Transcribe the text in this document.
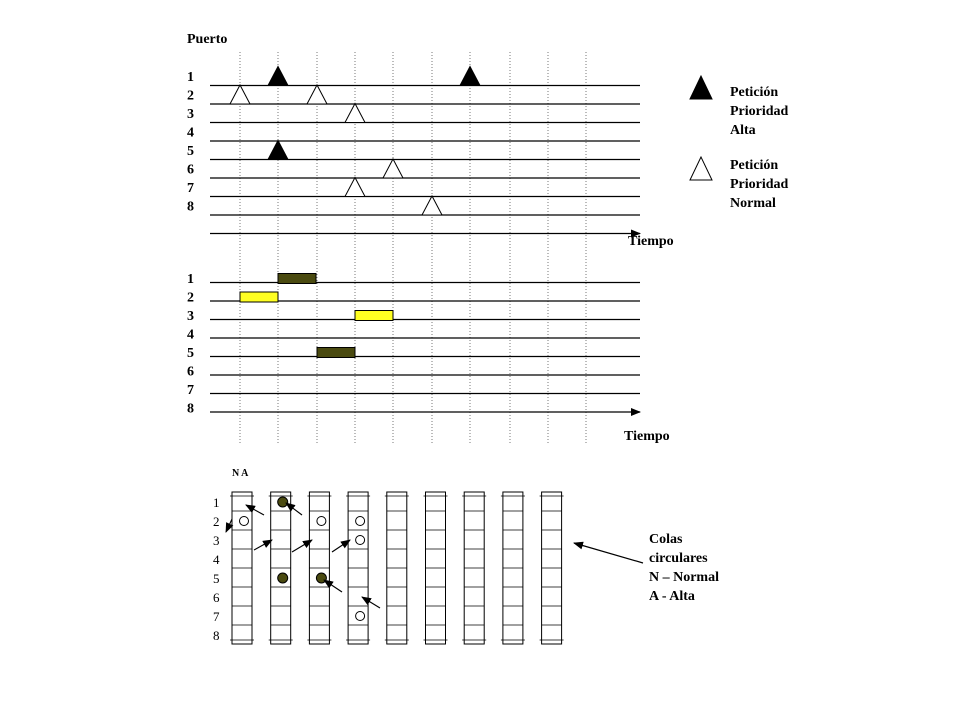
Puerto
1
2
3
4
5
6
7
8
Tiempo
Petición
Prioridad
Alta
Petición
Prioridad
Normal
1
2
3
4
5
6
7
8
Tiempo
N A
1
2
3
4
5
6
7
8
Colas
circulares
N – Normal
A - Alta
